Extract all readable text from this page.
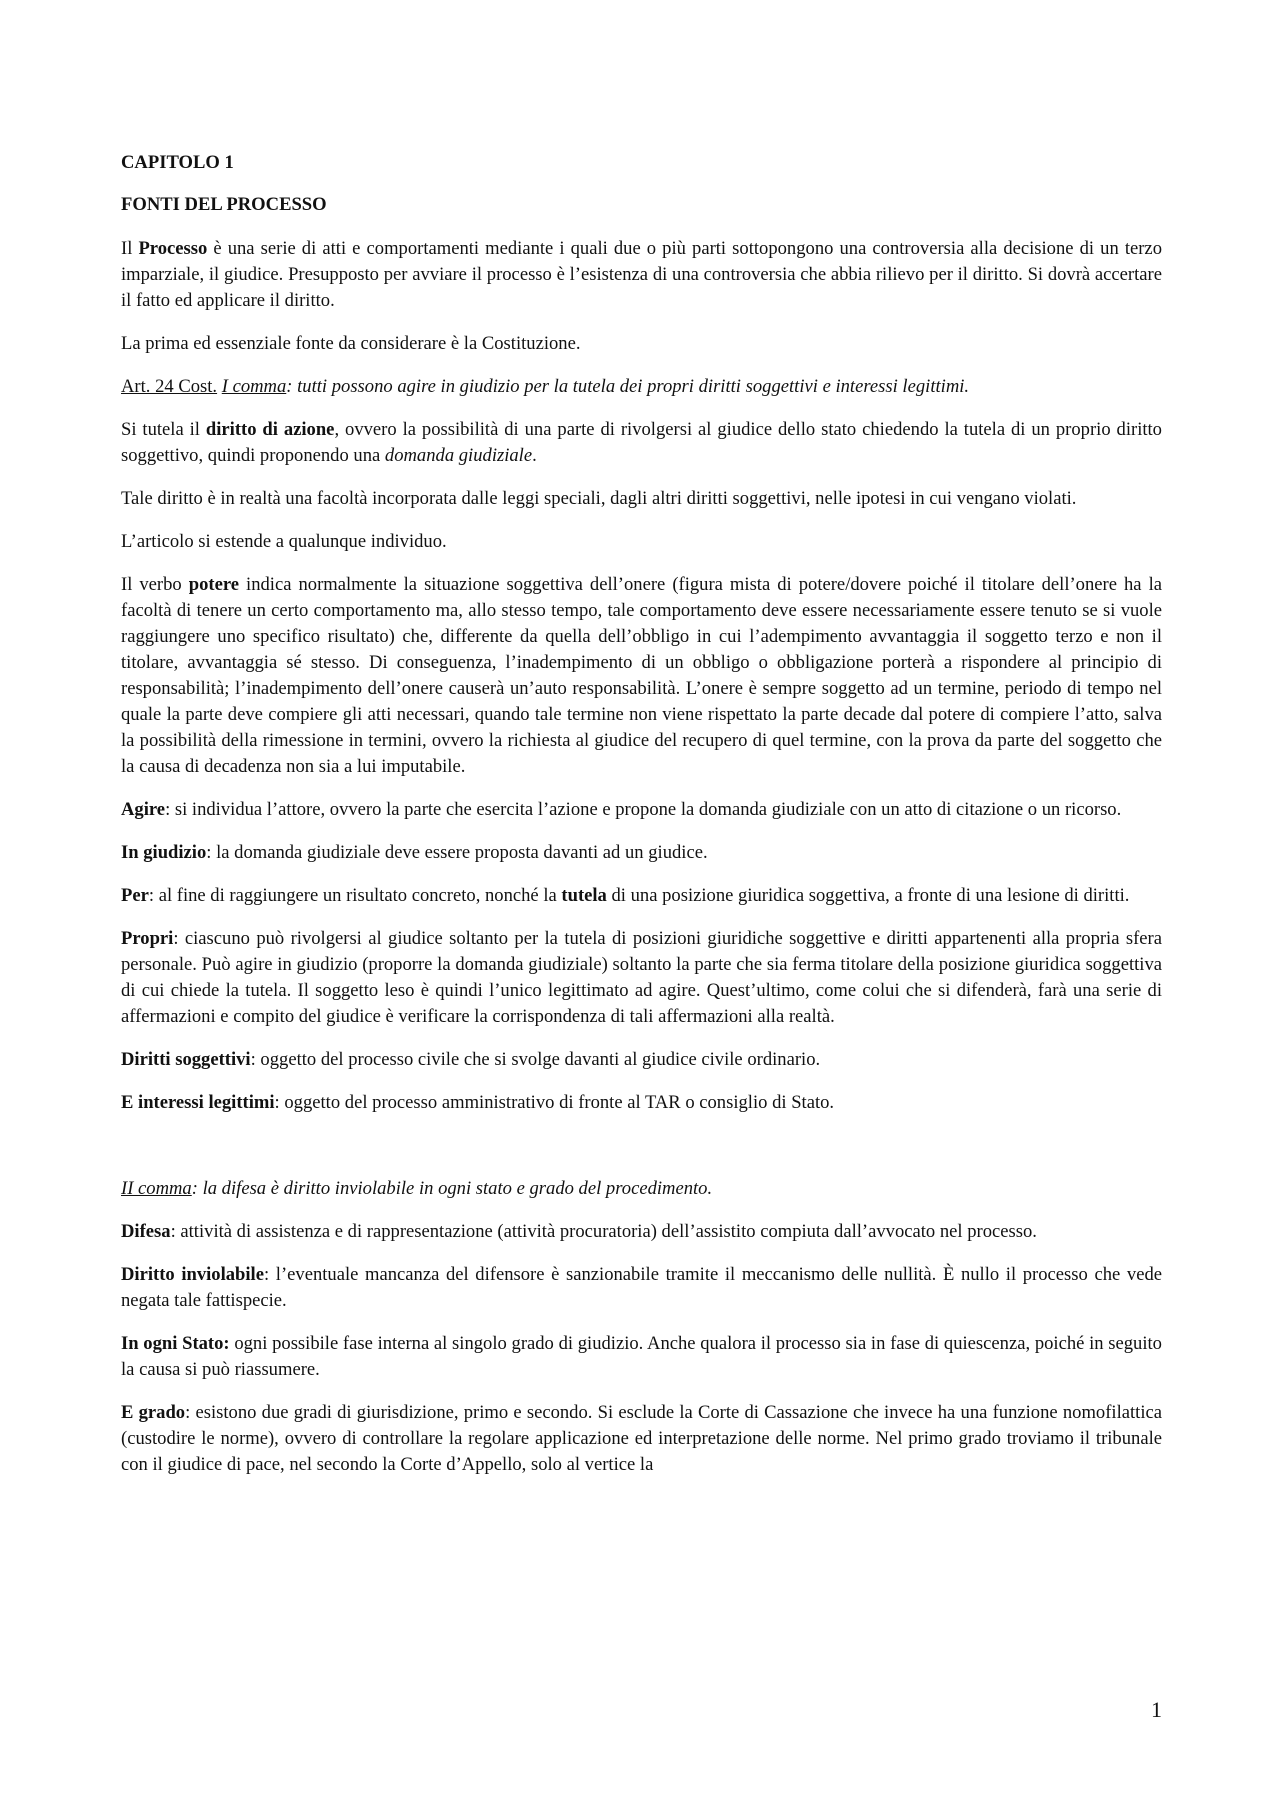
CAPITOLO 1
FONTI DEL PROCESSO

Il Processo è una serie di atti e comportamenti mediante i quali due o più parti sottopongono una controversia alla decisione di un terzo imparziale, il giudice. Presupposto per avviare il processo è l’esistenza di una controversia che abbia rilievo per il diritto. Si dovrà accertare il fatto ed applicare il diritto.

La prima ed essenziale fonte da considerare è la Costituzione.

Art. 24 Cost. I comma: tutti possono agire in giudizio per la tutela dei propri diritti soggettivi e interessi legittimi.

Si tutela il diritto di azione, ovvero la possibilità di una parte di rivolgersi al giudice dello stato chiedendo la tutela di un proprio diritto soggettivo, quindi proponendo una domanda giudiziale.

Tale diritto è in realtà una facoltà incorporata dalle leggi speciali, dagli altri diritti soggettivi, nelle ipotesi in cui vengano violati.

L’articolo si estende a qualunque individuo.

Il verbo potere indica normalmente la situazione soggettiva dell’onere (figura mista di potere/dovere poiché il titolare dell’onere ha la facoltà di tenere un certo comportamento ma, allo stesso tempo, tale comportamento deve essere necessariamente essere tenuto se si vuole raggiungere uno specifico risultato) che, differente da quella dell’obbligo in cui l’adempimento avvantaggia il soggetto terzo e non il titolare, avvantaggia sé stesso. Di conseguenza, l’inadempimento di un obbligo o obbligazione porterà a rispondere al principio di responsabilità; l’inadempimento dell’onere causerà un’auto responsabilità. L’onere è sempre soggetto ad un termine, periodo di tempo nel quale la parte deve compiere gli atti necessari, quando tale termine non viene rispettato la parte decade dal potere di compiere l’atto, salva la possibilità della rimessione in termini, ovvero la richiesta al giudice del recupero di quel termine, con la prova da parte del soggetto che la causa di decadenza non sia a lui imputabile.

Agire: si individua l’attore, ovvero la parte che esercita l’azione e propone la domanda giudiziale con un atto di citazione o un ricorso.

In giudizio: la domanda giudiziale deve essere proposta davanti ad un giudice.

Per: al fine di raggiungere un risultato concreto, nonché la tutela di una posizione giuridica soggettiva, a fronte di una lesione di diritti.

Propri: ciascuno può rivolgersi al giudice soltanto per la tutela di posizioni giuridiche soggettive e diritti appartenenti alla propria sfera personale. Può agire in giudizio (proporre la domanda giudiziale) soltanto la parte che sia ferma titolare della posizione giuridica soggettiva di cui chiede la tutela. Il soggetto leso è quindi l’unico legittimato ad agire. Quest’ultimo, come colui che si difenderà, farà una serie di affermazioni e compito del giudice è verificare la corrispondenza di tali affermazioni alla realtà.

Diritti soggettivi: oggetto del processo civile che si svolge davanti al giudice civile ordinario.

E interessi legittimi: oggetto del processo amministrativo di fronte al TAR o consiglio di Stato.

II comma: la difesa è diritto inviolabile in ogni stato e grado del procedimento.

Difesa: attività di assistenza e di rappresentazione (attività procuratoria) dell’assistito compiuta dall’avvocato nel processo.

Diritto inviolabile: l’eventuale mancanza del difensore è sanzionabile tramite il meccanismo delle nullità. È nullo il processo che vede negata tale fattispecie.

In ogni Stato: ogni possibile fase interna al singolo grado di giudizio. Anche qualora il processo sia in fase di quiescenza, poiché in seguito la causa si può riassumere.

E grado: esistono due gradi di giurisdizione, primo e secondo. Si esclude la Corte di Cassazione che invece ha una funzione nomofilattica (custodire le norme), ovvero di controllare la regolare applicazione ed interpretazione delle norme. Nel primo grado troviamo il tribunale con il giudice di pace, nel secondo la Corte d’Appello, solo al vertice la

1
